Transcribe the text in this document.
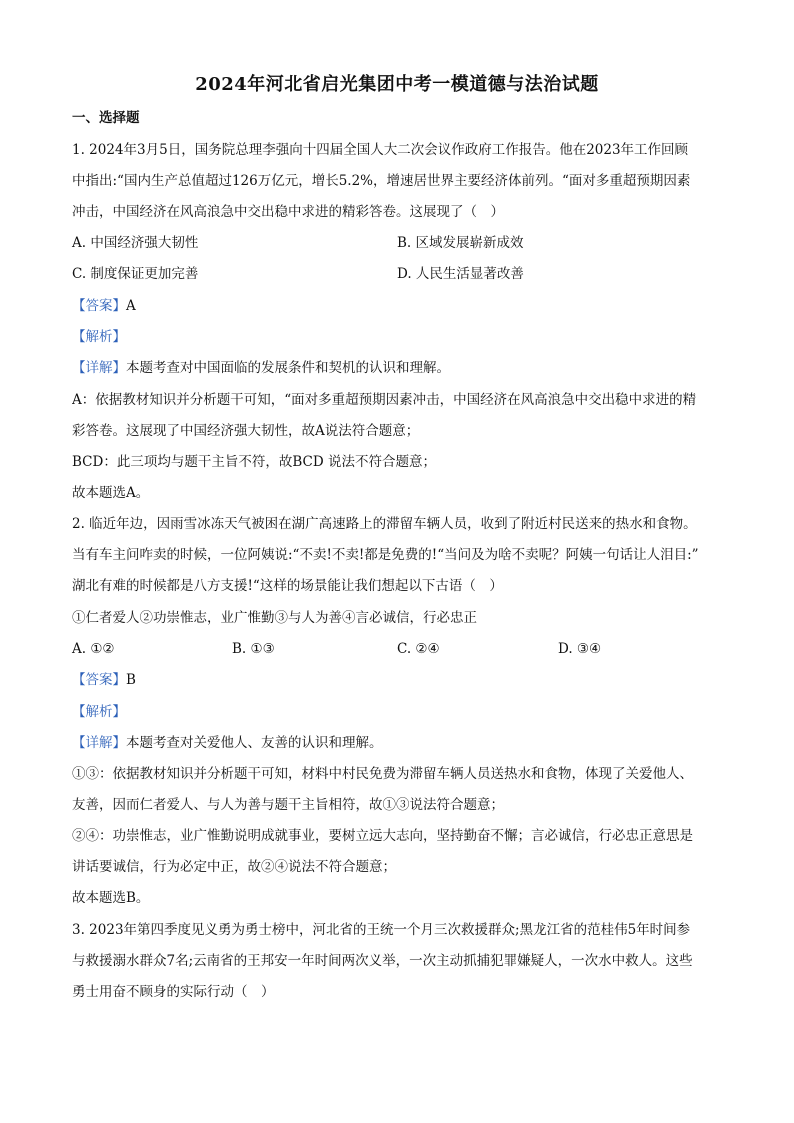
2024年河北省启光集团中考一模道德与法治试题
一、选择题
1. 2024年3月5日，国务院总理李强向十四届全国人大二次会议作政府工作报告。他在2023年工作回顾
中指出:“国内生产总值超过126万亿元，增长5.2%，增速居世界主要经济体前列。“面对多重超预期因素
冲击，中国经济在风高浪急中交出稳中求进的精彩答卷。这展现了（　）
A. 中国经济强大韧性	B. 区域发展崭新成效
C. 制度保证更加完善	D. 人民生活显著改善
【答案】A
【解析】
【详解】本题考查对中国面临的发展条件和契机的认识和理解。
A：依据教材知识并分析题干可知，“面对多重超预期因素冲击，中国经济在风高浪急中交出稳中求进的精
彩答卷。这展现了中国经济强大韧性，故A说法符合题意；
BCD：此三项均与题干主旨不符，故BCD 说法不符合题意；
故本题选A。
2. 临近年边，因雨雪冰冻天气被困在湖广高速路上的滞留车辆人员，收到了附近村民送来的热水和食物。
当有车主问咋卖的时候，一位阿姨说:“不卖!不卖!都是免费的!“当问及为啥不卖呢？阿姨一句话让人泪目:”
湖北有难的时候都是八方支援!“这样的场景能让我们想起以下古语（　）
①仁者爱人②功崇惟志，业广惟勤③与人为善④言必诚信，行必忠正
A. ①②	B. ①③	C. ②④	D. ③④
【答案】B
【解析】
【详解】本题考查对关爱他人、友善的认识和理解。
①③：依据教材知识并分析题干可知，材料中村民免费为滞留车辆人员送热水和食物，体现了关爱他人、
友善，因而仁者爱人、与人为善与题干主旨相符，故①③说法符合题意；
②④：功崇惟志，业广惟勤说明成就事业，要树立远大志向，坚持勤奋不懈；言必诚信，行必忠正意思是
讲话要诚信，行为必定中正，故②④说法不符合题意；
故本题选B。
3. 2023年第四季度见义勇为勇士榜中，河北省的王统一个月三次救援群众;黑龙江省的范桂伟5年时间参
与救援溺水群众7名;云南省的王邦安一年时间两次义举，一次主动抓捕犯罪嫌疑人，一次水中救人。这些
勇士用奋不顾身的实际行动（　）
